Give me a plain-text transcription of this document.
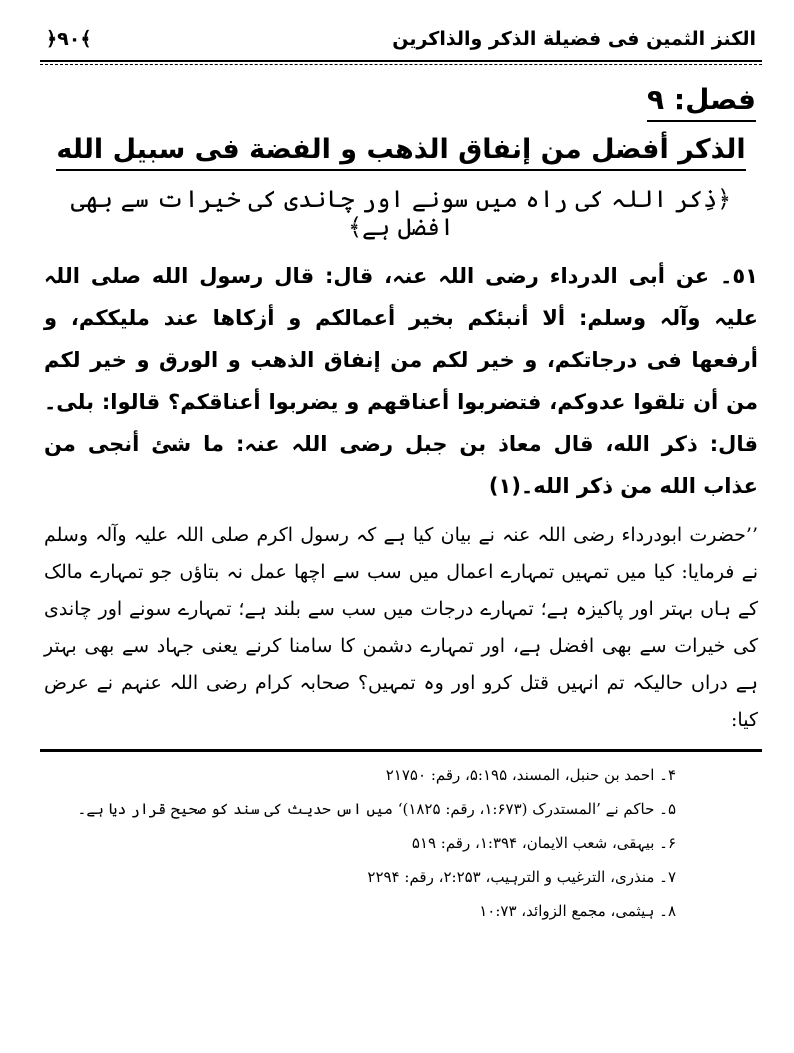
الكنز الثمين فى فضيلة الذكر والذاكرين
﴿٩٠﴾
فصل: ٩
الذكر أفضل من إنفاق الذهب و الفضة فى سبيل الله
﴿ذِکر اللہ کی راہ میں سونے اور چاندی کی خیرات سے بھی افضل ہے﴾
٥١۔ عن أبى الدرداء رضی اللہ عنہ، قال: قال رسول الله صلی اللہ علیہ وآلہ وسلم: ألا أنبئكم بخير أعمالكم و أزكاها عند مليككم، و أرفعها فى درجاتكم، و خير لكم من إنفاق الذهب و الورق و خير لكم من أن تلقوا عدوكم، فتضربوا أعناقهم و يضربوا أعناقكم؟ قالوا: بلى۔ قال: ذكر الله، قال معاذ بن جبل رضی اللہ عنہ: ما شئ أنجى من عذاب الله من ذكر الله۔(١)
’’حضرت ابودرداء رضی اللہ عنہ نے بیان کیا ہے کہ رسول اکرم صلی اللہ علیہ وآلہ وسلم نے فرمایا: کیا میں تمہیں تمہارے اعمال میں سب سے اچھا عمل نہ بتاؤں جو تمہارے مالک کے ہاں بہتر اور پاکیزہ ہے؛ تمہارے درجات میں سب سے بلند ہے؛ تمہارے سونے اور چاندی کی خیرات سے بھی افضل ہے، اور تمہارے دشمن کا سامنا کرنے یعنی جہاد سے بھی بہتر ہے دراں حالیکہ تم انہیں قتل کرو اور وہ تمہیں؟ صحابہ کرام رضی اللہ عنہم نے عرض کیا:
۴۔ احمد بن حنبل، المسند، ۵:۱۹۵، رقم: ۲۱۷۵۰
۵۔ حاکم نے ’المستدرک (۱:۶۷۳، رقم: ۱۸۲۵)‘ میں اس حدیث کی سند کو صحیح قرار دیا ہے۔
۶۔ بیہقی، شعب الایمان، ۱:۳۹۴، رقم: ۵۱۹
۷۔ منذری، الترغیب و الترہیب، ۲:۲۵۳، رقم: ۲۲۹۴
۸۔ ہیثمی، مجمع الزوائد، ۱۰:۷۳
